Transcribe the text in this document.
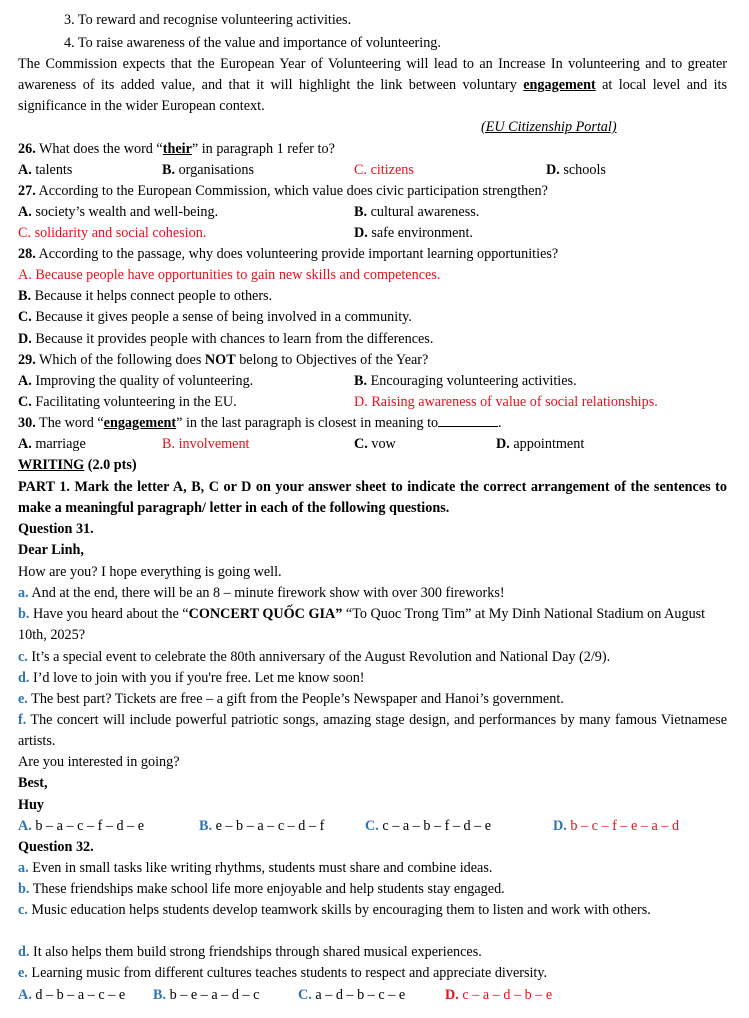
3. To reward and recognise volunteering activities.
4. To raise awareness of the value and importance of volunteering.
The Commission expects that the European Year of Volunteering will lead to an Increase In volunteering and to greater awareness of its added value, and that it will highlight the link between voluntary engagement at local level and its significance in the wider European context.
(EU Citizenship Portal)
26. What does the word “their” in paragraph 1 refer to?
A. talents	B. organisations	C. citizens	D. schools
27. According to the European Commission, which value does civic participation strengthen?
A. society’s wealth and well-being.	B. cultural awareness.
C. solidarity and social cohesion.	D. safe environment.
28. According to the passage, why does volunteering provide important learning opportunities?
A. Because people have opportunities to gain new skills and competences.
B. Because it helps connect people to others.
C. Because it gives people a sense of being involved in a community.
D. Because it provides people with chances to learn from the differences.
29. Which of the following does NOT belong to Objectives of the Year?
A. Improving the quality of volunteering.	B. Encouraging volunteering activities.
C. Facilitating volunteering in the EU.	D. Raising awareness of value of social relationships.
30. The word “engagement” in the last paragraph is closest in meaning to	.
A. marriage	B. involvement	C. vow	D. appointment
WRITING (2.0 pts)
PART 1. Mark the letter A, B, C or D on your answer sheet to indicate the correct arrangement of the sentences to make a meaningful paragraph/ letter in each of the following questions.
Question 31.
Dear Linh,
How are you? I hope everything is going well.
a. And at the end, there will be an 8 – minute firework show with over 300 fireworks!
b. Have you heard about the “CONCERT QUỐC GIA” “To Quoc Trong Tim” at My Dinh National Stadium on August 10th, 2025?
c. It’s a special event to celebrate the 80th anniversary of the August Revolution and National Day (2/9).
d. I’d love to join with you if you're free. Let me know soon!
e. The best part? Tickets are free – a gift from the People’s Newspaper and Hanoi’s government.
f. The concert will include powerful patriotic songs, amazing stage design, and performances by many famous Vietnamese artists.
Are you interested in going?
Best,
Huy
A. b – a – c – f – d – e	B. e – b – a – c – d – f	C. c – a – b – f – d – e	D. b – c – f – e – a – d
Question 32.
a. Even in small tasks like writing rhythms, students must share and combine ideas.
b. These friendships make school life more enjoyable and help students stay engaged.
c. Music education helps students develop teamwork skills by encouraging them to listen and work with others.
d. It also helps them build strong friendships through shared musical experiences.
e. Learning music from different cultures teaches students to respect and appreciate diversity.
A. d – b – a – c – e B. b – e – a – d – c	C. a – d – b – c – e	D. c – a – d – b – e
